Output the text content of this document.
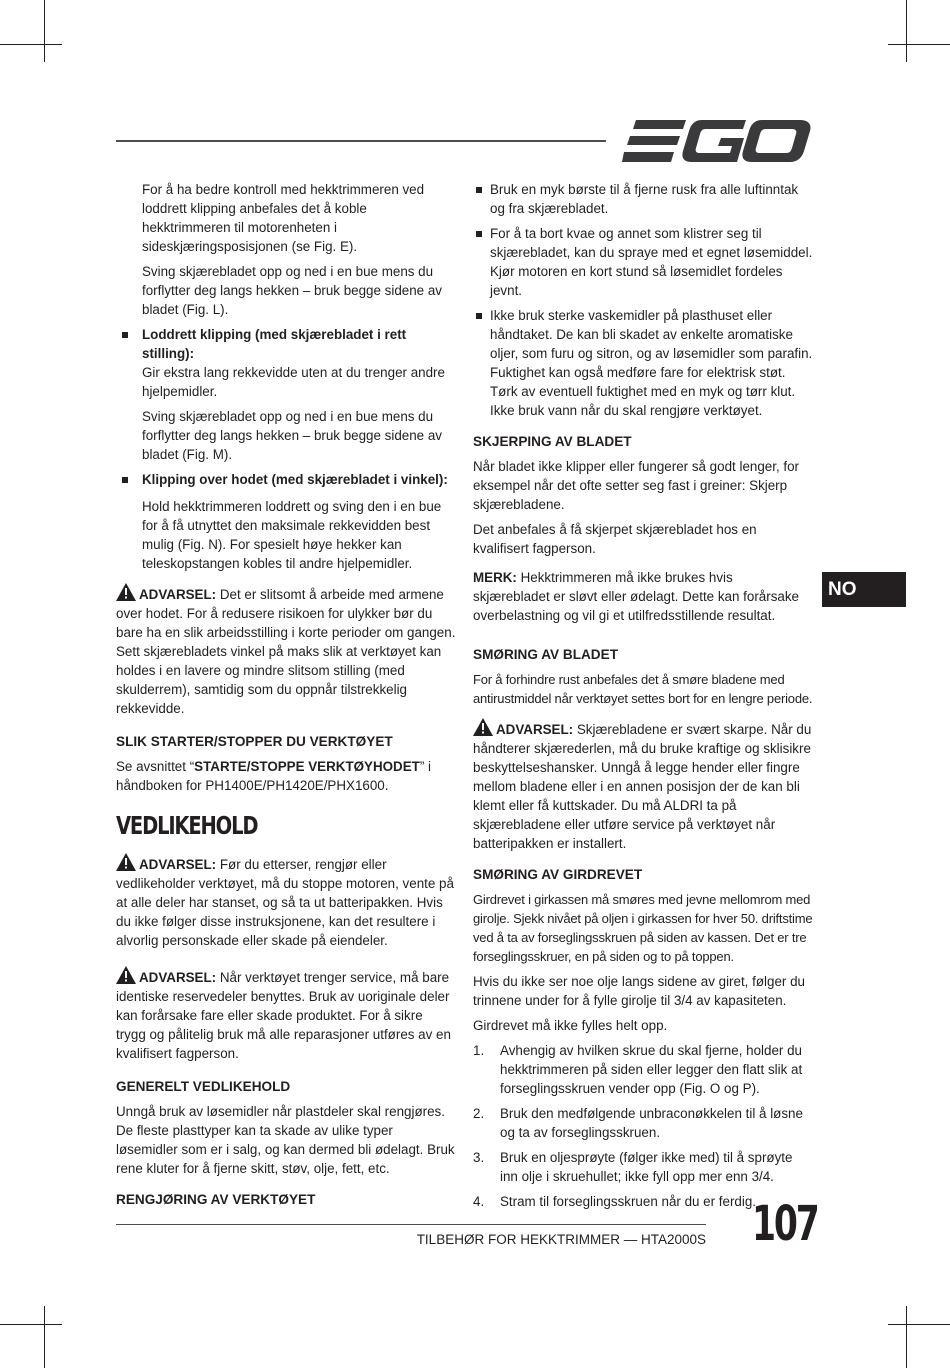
For å ha bedre kontroll med hekktrimmeren ved loddrett klipping anbefales det å koble hekktrimmeren til motorenheten i sideskjæringsposisjonen (se Fig. E).

Sving skjærebladet opp og ned i en bue mens du forflytter deg langs hekken – bruk begge sidene av bladet (Fig. L).

Loddrett klipping (med skjærebladet i rett stilling):
Gir ekstra lang rekkevidde uten at du trenger andre hjelpemidler.

Sving skjærebladet opp og ned i en bue mens du forflytter deg langs hekken – bruk begge sidene av bladet (Fig. M).

Klipping over hodet (med skjærebladet i vinkel):

Hold hekktrimmeren loddrett og sving den i en bue for å få utnyttet den maksimale rekkevidden best mulig (Fig. N). For spesielt høye hekker kan teleskopstangen kobles til andre hjelpemidler.

ADVARSEL: Det er slitsomt å arbeide med armene over hodet. For å redusere risikoen for ulykker bør du bare ha en slik arbeidsstilling i korte perioder om gangen. Sett skjærebladets vinkel på maks slik at verktøyet kan holdes i en lavere og mindre slitsom stilling (med skulderrem), samtidig som du oppnår tilstrekkelig rekkevidde.

SLIK STARTER/STOPPER DU VERKTØYET

Se avsnittet “STARTE/STOPPE VERKTØYHODET” i håndboken for PH1400E/PH1420E/PHX1600.

VEDLIKEHOLD

ADVARSEL: Før du etterser, rengjør eller vedlikeholder verktøyet, må du stoppe motoren, vente på at alle deler har stanset, og så ta ut batteripakken. Hvis du ikke følger disse instruksjonene, kan det resultere i alvorlig personskade eller skade på eiendeler.

ADVARSEL: Når verktøyet trenger service, må bare identiske reservedeler benyttes. Bruk av uoriginale deler kan forårsake fare eller skade produktet. For å sikre trygg og pålitelig bruk må alle reparasjoner utføres av en kvalifisert fagperson.

GENERELT VEDLIKEHOLD

Unngå bruk av løsemidler når plastdeler skal rengjøres. De fleste plasttyper kan ta skade av ulike typer løsemidler som er i salg, og kan dermed bli ødelagt. Bruk rene kluter for å fjerne skitt, støv, olje, fett, etc.

RENGJØRING AV VERKTØYET
Bruk en myk børste til å fjerne rusk fra alle luftinntak og fra skjærebladet.
For å ta bort kvae og annet som klistrer seg til skjærebladet, kan du spraye med et egnet løsemiddel. Kjør motoren en kort stund så løsemidlet fordeles jevnt.
Ikke bruk sterke vaskemidler på plasthuset eller håndtaket. De kan bli skadet av enkelte aromatiske oljer, som furu og sitron, og av løsemidler som parafin. Fuktighet kan også medføre fare for elektrisk støt. Tørk av eventuell fuktighet med en myk og tørr klut. Ikke bruk vann når du skal rengjøre verktøyet.
SKJERPING AV BLADET

Når bladet ikke klipper eller fungerer så godt lenger, for eksempel når det ofte setter seg fast i greiner: Skjerp skjærebladene.

Det anbefales å få skjerpet skjærebladet hos en kvalifisert fagperson.

MERK: Hekktrimmeren må ikke brukes hvis skjærebladet er sløvt eller ødelagt. Dette kan forårsake overbelastning og vil gi et utilfredsstillende resultat.

SMØRING AV BLADET

For å forhindre rust anbefales det å smøre bladene med antirustmiddel når verktøyet settes bort for en lengre periode.

ADVARSEL: Skjærebladene er svært skarpe. Når du håndterer skjærederlen, må du bruke kraftige og sklisikre beskyttelseshansker. Unngå å legge hender eller fingre mellom bladene eller i en annen posisjon der de kan bli klemt eller få kuttskader. Du må ALDRI ta på skjærebladene eller utføre service på verktøyet når batteripakken er installert.

SMØRING AV GIRDREVET

Girdrevet i girkassen må smøres med jevne mellomrom med girolje. Sjekk nivået på oljen i girkassen for hver 50. driftstime ved å ta av forseglingsskruen på siden av kassen. Det er tre forseglingsskruer, en på siden og to på toppen.

Hvis du ikke ser noe olje langs sidene av giret, følger du trinnene under for å fylle girolje til 3/4 av kapasiteten.

Girdrevet må ikke fylles helt opp.

1. Avhengig av hvilken skrue du skal fjerne, holder du hekktrimmeren på siden eller legger den flatt slik at forseglingsskruen vender opp (Fig. O og P).
2. Bruk den medfølgende unbraconøkkelen til å løsne og ta av forseglingsskruen.
3. Bruk en oljesprøyte (følger ikke med) til å sprøyte inn olje i skruehullet; ikke fyll opp mer enn 3/4.
4. Stram til forseglingsskruen når du er ferdig.
NO
TILBEHØR FOR HEKKTRIMMER — HTA2000S 107
